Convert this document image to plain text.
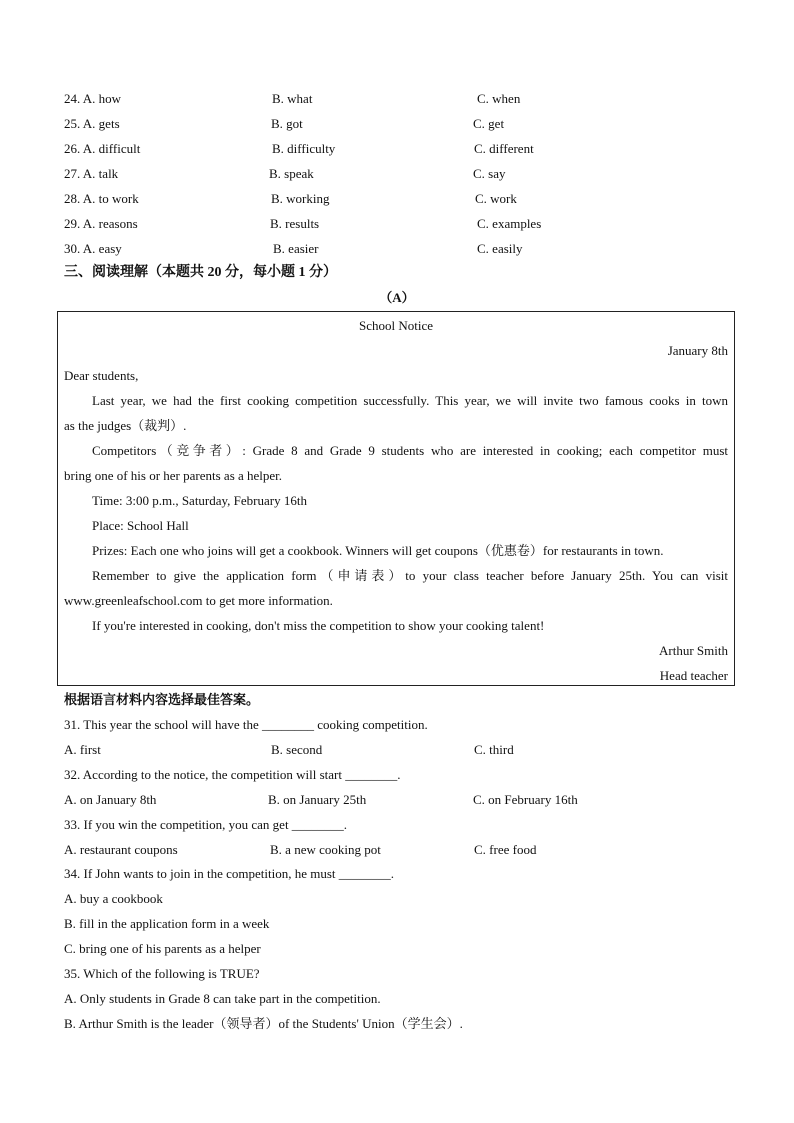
24. A. how	B. what	C. when
25. A. gets	B. got	C. get
26. A. difficult	B. difficulty	C. different
27. A. talk	B. speak	C. say
28. A. to work	B. working	C. work
29. A. reasons	B. results	C. examples
30. A. easy	B. easier	C. easily
三、阅读理解（本题共 20 分，每小题 1 分）
（A）
School Notice
January 8th
Dear students,
Last year, we had the first cooking competition successfully. This year, we will invite two famous cooks in town
as the judges（裁判）.
Competitors（竞争者）: Grade 8 and Grade 9 students who are interested in cooking; each competitor must
bring one of his or her parents as a helper.
Time: 3:00 p.m., Saturday, February 16th
Place: School Hall
Prizes: Each one who joins will get a cookbook. Winners will get coupons（优惠卷）for restaurants in town.
Remember to give the application form（申请表）to your class teacher before January 25th. You can visit
www.greenleafschool.com to get more information.
If you're interested in cooking, don't miss the competition to show your cooking talent!
Arthur Smith
Head teacher
根据语言材料内容选择最佳答案。
31. This year the school will have the ________ cooking competition.
A. first	B. second	C. third
32. According to the notice, the competition will start ________.
A. on January 8th	B. on January 25th	C. on February 16th
33. If you win the competition, you can get ________.
A. restaurant coupons	B. a new cooking pot	C. free food
34. If John wants to join in the competition, he must ________.
A. buy a cookbook
B. fill in the application form in a week
C. bring one of his parents as a helper
35. Which of the following is TRUE?
A. Only students in Grade 8 can take part in the competition.
B. Arthur Smith is the leader（领导者）of the Students' Union（学生会）.
